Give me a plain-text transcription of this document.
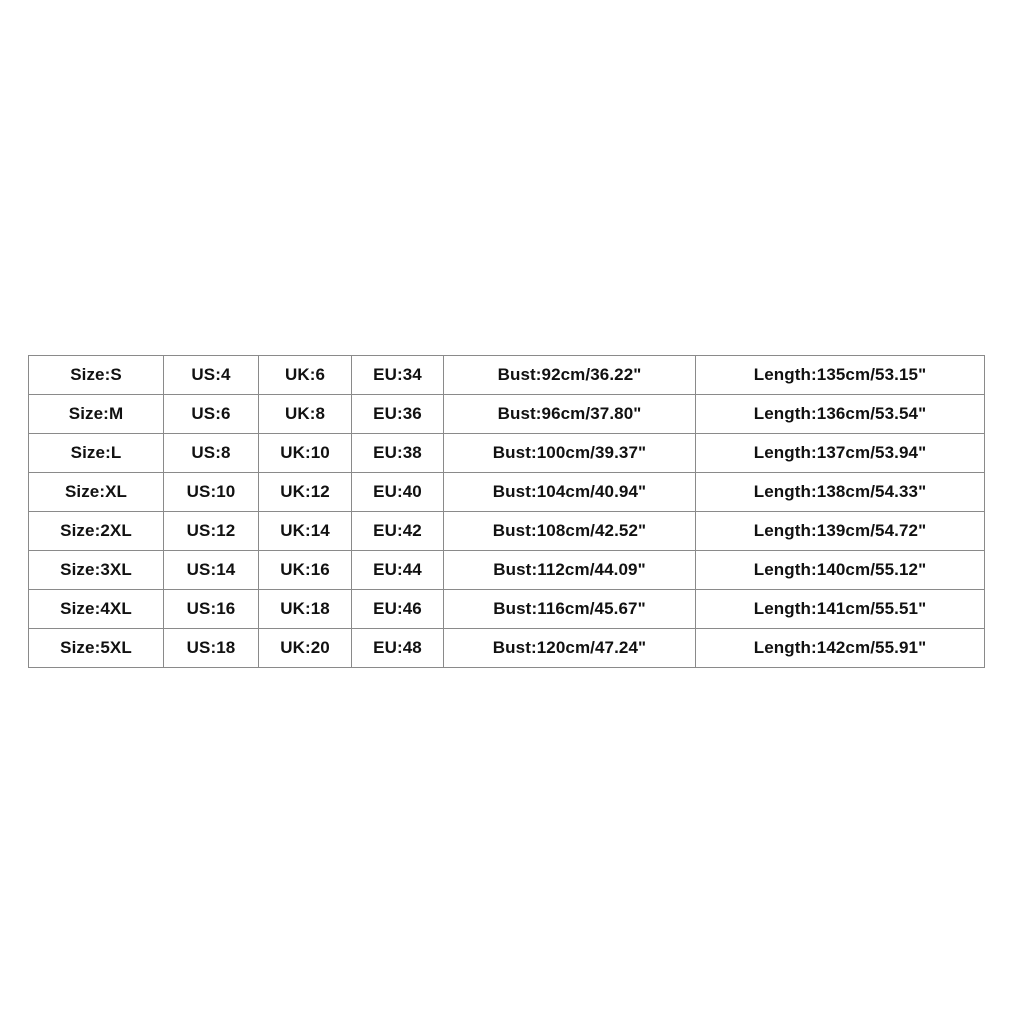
Size:S	US:4	UK:6	EU:34	Bust:92cm/36.22"	Length:135cm/53.15"
Size:M	US:6	UK:8	EU:36	Bust:96cm/37.80"	Length:136cm/53.54"
Size:L	US:8	UK:10	EU:38	Bust:100cm/39.37"	Length:137cm/53.94"
Size:XL	US:10	UK:12	EU:40	Bust:104cm/40.94"	Length:138cm/54.33"
Size:2XL	US:12	UK:14	EU:42	Bust:108cm/42.52"	Length:139cm/54.72"
Size:3XL	US:14	UK:16	EU:44	Bust:112cm/44.09"	Length:140cm/55.12"
Size:4XL	US:16	UK:18	EU:46	Bust:116cm/45.67"	Length:141cm/55.51"
Size:5XL	US:18	UK:20	EU:48	Bust:120cm/47.24"	Length:142cm/55.91"
